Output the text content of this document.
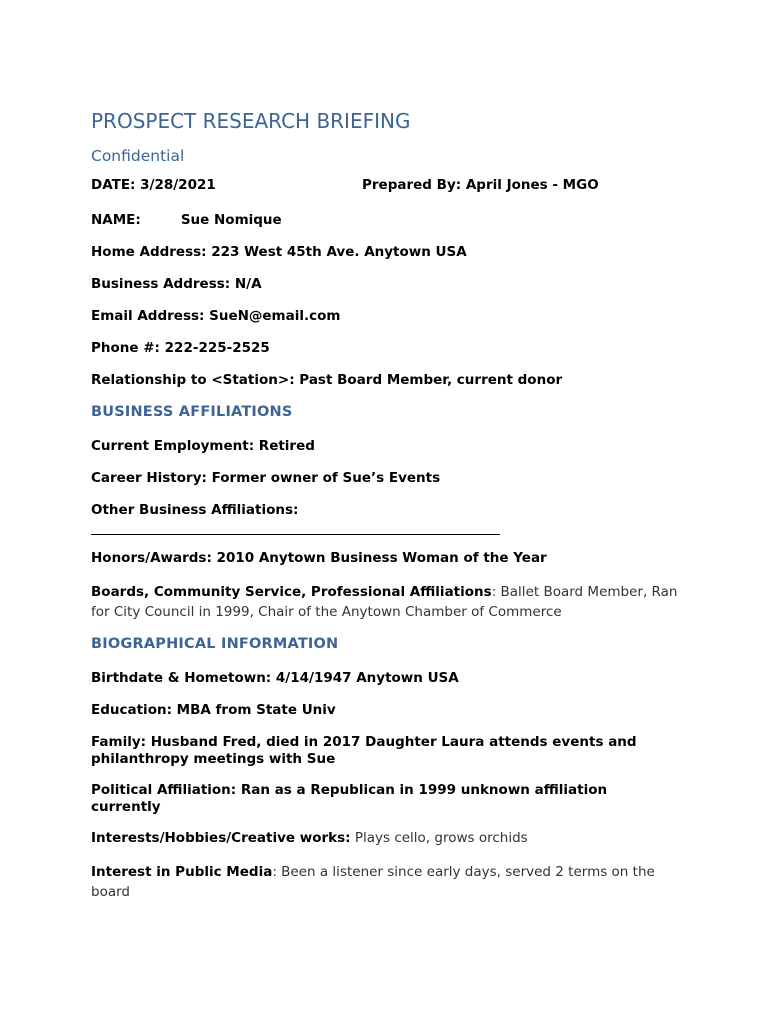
PROSPECT RESEARCH BRIEFING
Confidential
DATE: 3/28/2021	Prepared By: April Jones - MGO
NAME:	Sue Nomique
Home Address: 223 West 45th Ave. Anytown USA
Business Address: N/A
Email Address: SueN@email.com
Phone #: 222-225-2525
Relationship to <Station>: Past Board Member, current donor
BUSINESS AFFILIATIONS
Current Employment: Retired
Career History: Former owner of Sue’s Events
Other Business Affiliations:
Honors/Awards: 2010 Anytown Business Woman of the Year
Boards, Community Service, Professional Affiliations: Ballet Board Member, Ran for City Council in 1999, Chair of the Anytown Chamber of Commerce
BIOGRAPHICAL INFORMATION
Birthdate & Hometown: 4/14/1947 Anytown USA
Education: MBA from State Univ
Family: Husband Fred, died in 2017 Daughter Laura attends events and philanthropy meetings with Sue
Political Affiliation: Ran as a Republican in 1999 unknown affiliation currently
Interests/Hobbies/Creative works: Plays cello, grows orchids
Interest in Public Media: Been a listener since early days, served 2 terms on the board
